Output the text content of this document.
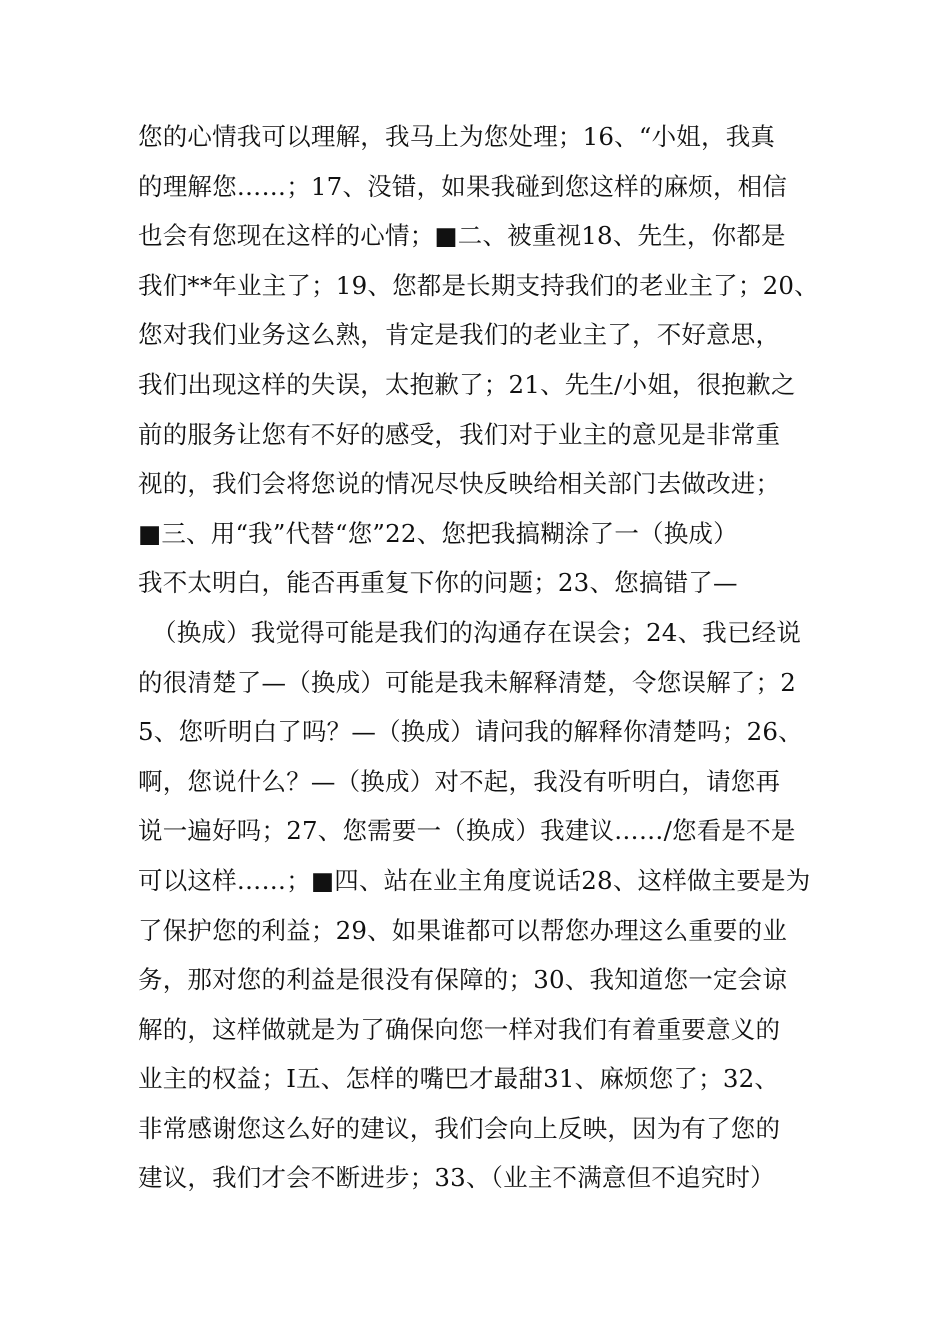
您的心情我可以理解，我马上为您处理；16、“小姐，我真
的理解您……；17、没错，如果我碰到您这样的麻烦，相信
也会有您现在这样的心情；■二、被重视18、先生，你都是
我们**年业主了；19、您都是长期支持我们的老业主了；20、
您对我们业务这么熟，肯定是我们的老业主了，不好意思，
我们出现这样的失误，太抱歉了；21、先生/小姐，很抱歉之
前的服务让您有不好的感受，我们对于业主的意见是非常重
视的，我们会将您说的情况尽快反映给相关部门去做改进；
■三、用“我”代替“您”22、您把我搞糊涂了一（换成）
我不太明白，能否再重复下你的问题；23、您搞错了—
（换成）我觉得可能是我们的沟通存在误会；24、我已经说
的很清楚了—（换成）可能是我未解释清楚，令您误解了；2
5、您听明白了吗？—（换成）请问我的解释你清楚吗；26、
啊，您说什么？—（换成）对不起，我没有听明白，请您再
说一遍好吗；27、您需要一（换成）我建议……/您看是不是
可以这样……；■四、站在业主角度说话28、这样做主要是为
了保护您的利益；29、如果谁都可以帮您办理这么重要的业
务，那对您的利益是很没有保障的；30、我知道您一定会谅
解的，这样做就是为了确保向您一样对我们有着重要意义的
业主的权益；I五、怎样的嘴巴才最甜31、麻烦您了；32、
非常感谢您这么好的建议，我们会向上反映，因为有了您的
建议，我们才会不断进步；33、（业主不满意但不追究时）
